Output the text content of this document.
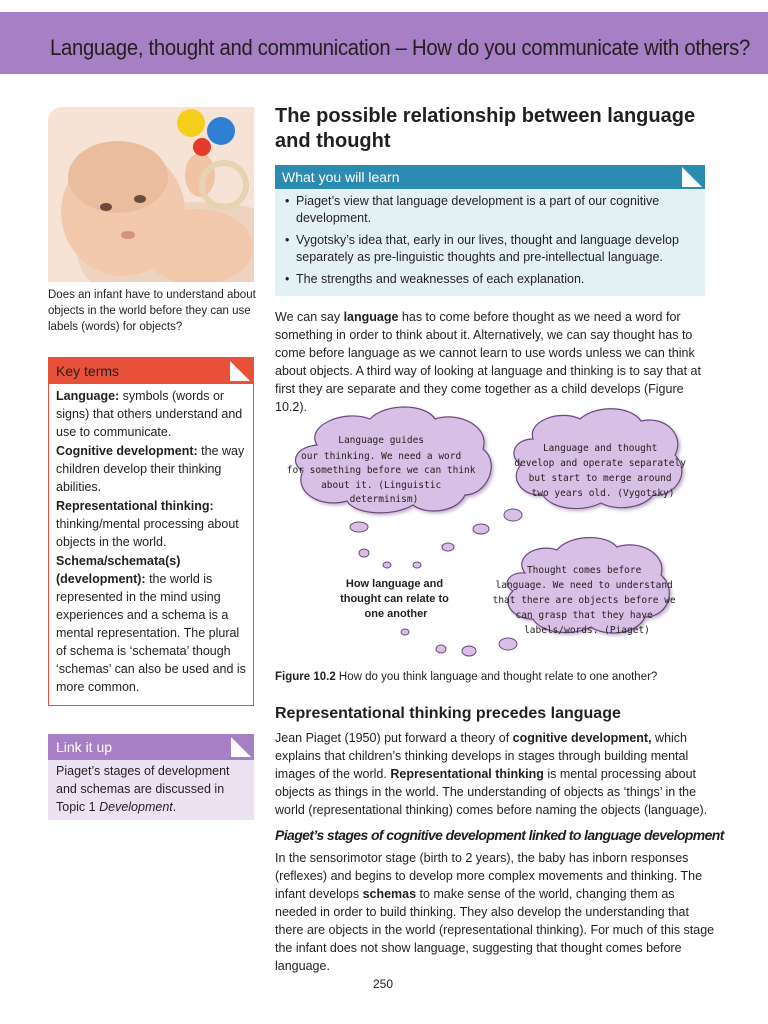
Language, thought and communication – How do you communicate with others?
Does an infant have to understand about objects in the world before they can use labels (words) for objects?
Key terms

Language: symbols (words or signs) that others understand and use to communicate.

Cognitive development: the way children develop their thinking abilities.

Representational thinking: thinking/mental processing about objects in the world.

Schema/schemata(s) (development): the world is represented in the mind using experiences and a schema is a mental representation. The plural of schema is ‘schemata’ though ‘schemas’ can also be used and is more common.

Link it up
Piaget’s stages of development and schemas are discussed in Topic 1 Development.
The possible relationship between language and thought
What you will learn
• Piaget’s view that language development is a part of our cognitive development.
• Vygotsky’s idea that, early in our lives, thought and language develop separately as pre-linguistic thoughts and pre-intellectual language.
• The strengths and weaknesses of each explanation.
We can say language has to come before thought as we need a word for something in order to think about it. Alternatively, we can say thought has to come before language as we cannot learn to use words unless we can think about objects. A third way of looking at language and thinking is to say that at first they are separate and they come together as a child develops (Figure 10.2).
Language guides our thinking. We need a word for something before we can think about it. (Linguistic determinism)
Language and thought develop and operate separately but start to merge around two years old. (Vygotsky)
Thought comes before language. We need to understand that there are objects before we can grasp that they have labels/words. (Piaget)
How language and thought can relate to one another
Figure 10.2 How do you think language and thought relate to one another?
Representational thinking precedes language
Jean Piaget (1950) put forward a theory of cognitive development, which explains that children’s thinking develops in stages through building mental images of the world. Representational thinking is mental processing about objects as things in the world. The understanding of objects as ‘things’ in the world (representational thinking) comes before naming the objects (language).
Piaget’s stages of cognitive development linked to language development
In the sensorimotor stage (birth to 2 years), the baby has inborn responses (reflexes) and begins to develop more complex movements and thinking. The infant develops schemas to make sense of the world, changing them as needed in order to build thinking. They also develop the understanding that there are objects in the world (representational thinking). For much of this stage the infant does not show language, suggesting that thought comes before language.
250
